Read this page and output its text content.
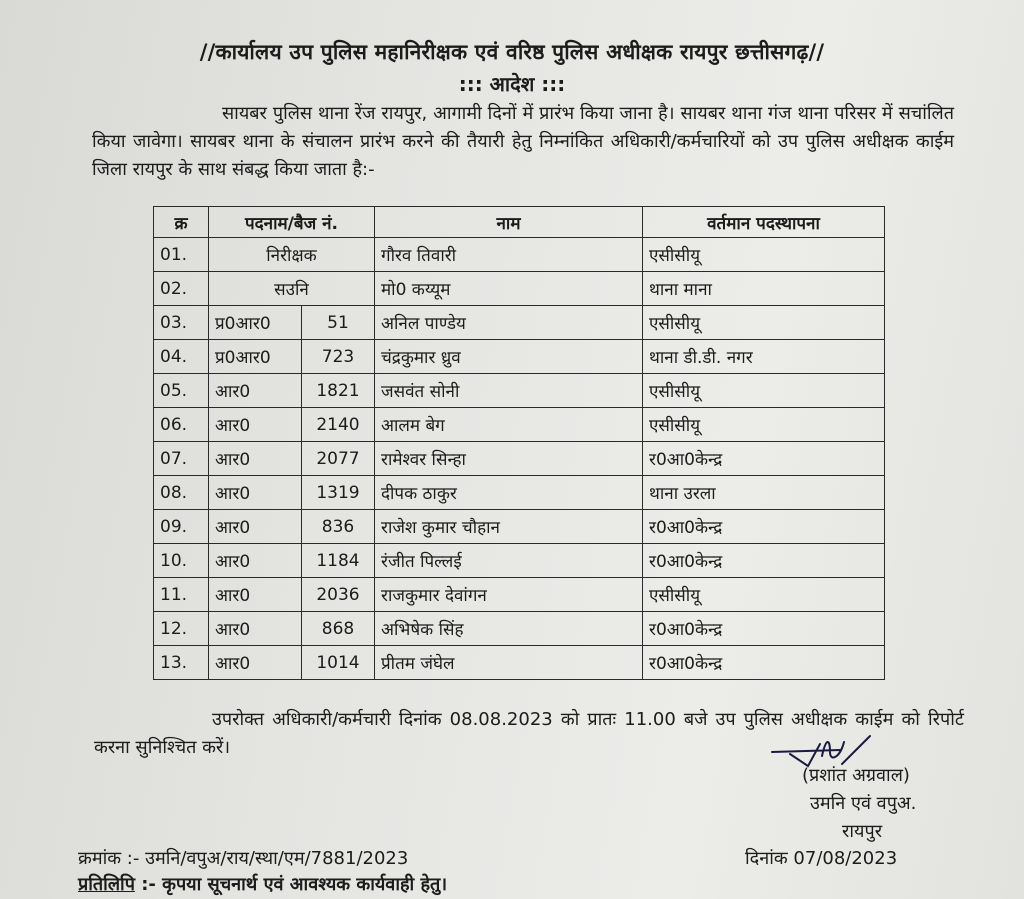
//कार्यालय उप पुलिस महानिरीक्षक एवं वरिष्ठ पुलिस अधीक्षक रायपुर छत्तीसगढ़//
::: आदेश :::
सायबर पुलिस थाना रेंज रायपुर, आगामी दिनों में प्रारंभ किया जाना है। सायबर थाना गंज थाना परिसर में सचांलित किया जावेगा। सायबर थाना के संचालन प्रारंभ करने की तैयारी हेतु निम्नांकित अधिकारी/कर्मचारियों को उप पुलिस अधीक्षक काईम जिला रायपुर के साथ संबद्ध किया जाता है:-
क्र	पदनाम/बैज नं.		नाम	वर्तमान पदस्थापना
01.	निरीक्षक		गौरव तिवारी	एसीसीयू
02.	सउनि		मो0 कय्यूम	थाना माना
03.	प्र0आर0	51	अनिल पाण्डेय	एसीसीयू
04.	प्र0आर0	723	चंद्रकुमार ध्रुव	थाना डी.डी. नगर
05.	आर0	1821	जसवंत सोनी	एसीसीयू
06.	आर0	2140	आलम बेग	एसीसीयू
07.	आर0	2077	रामेश्वर सिन्हा	र0आ0केन्द्र
08.	आर0	1319	दीपक ठाकुर	थाना उरला
09.	आर0	836	राजेश कुमार चौहान	र0आ0केन्द्र
10.	आर0	1184	रंजीत पिल्लई	र0आ0केन्द्र
11.	आर0	2036	राजकुमार देवांगन	एसीसीयू
12.	आर0	868	अभिषेक सिंह	र0आ0केन्द्र
13.	आर0	1014	प्रीतम जंघेल	र0आ0केन्द्र
उपरोक्त अधिकारी/कर्मचारी दिनांक 08.08.2023 को प्रातः 11.00 बजे उप पुलिस अधीक्षक काईम को रिपोर्ट करना सुनिश्चित करें।
(प्रशांत अग्रवाल)
उमनि एवं वपुअ.
रायपुर
क्रमांक :- उमनि/वपुअ/राय/स्था/एम/7881/2023	दिनांक 07/08/2023
प्रतिलिपि :- कृपया सूचनार्थ एवं आवश्यक कार्यवाही हेतु।
